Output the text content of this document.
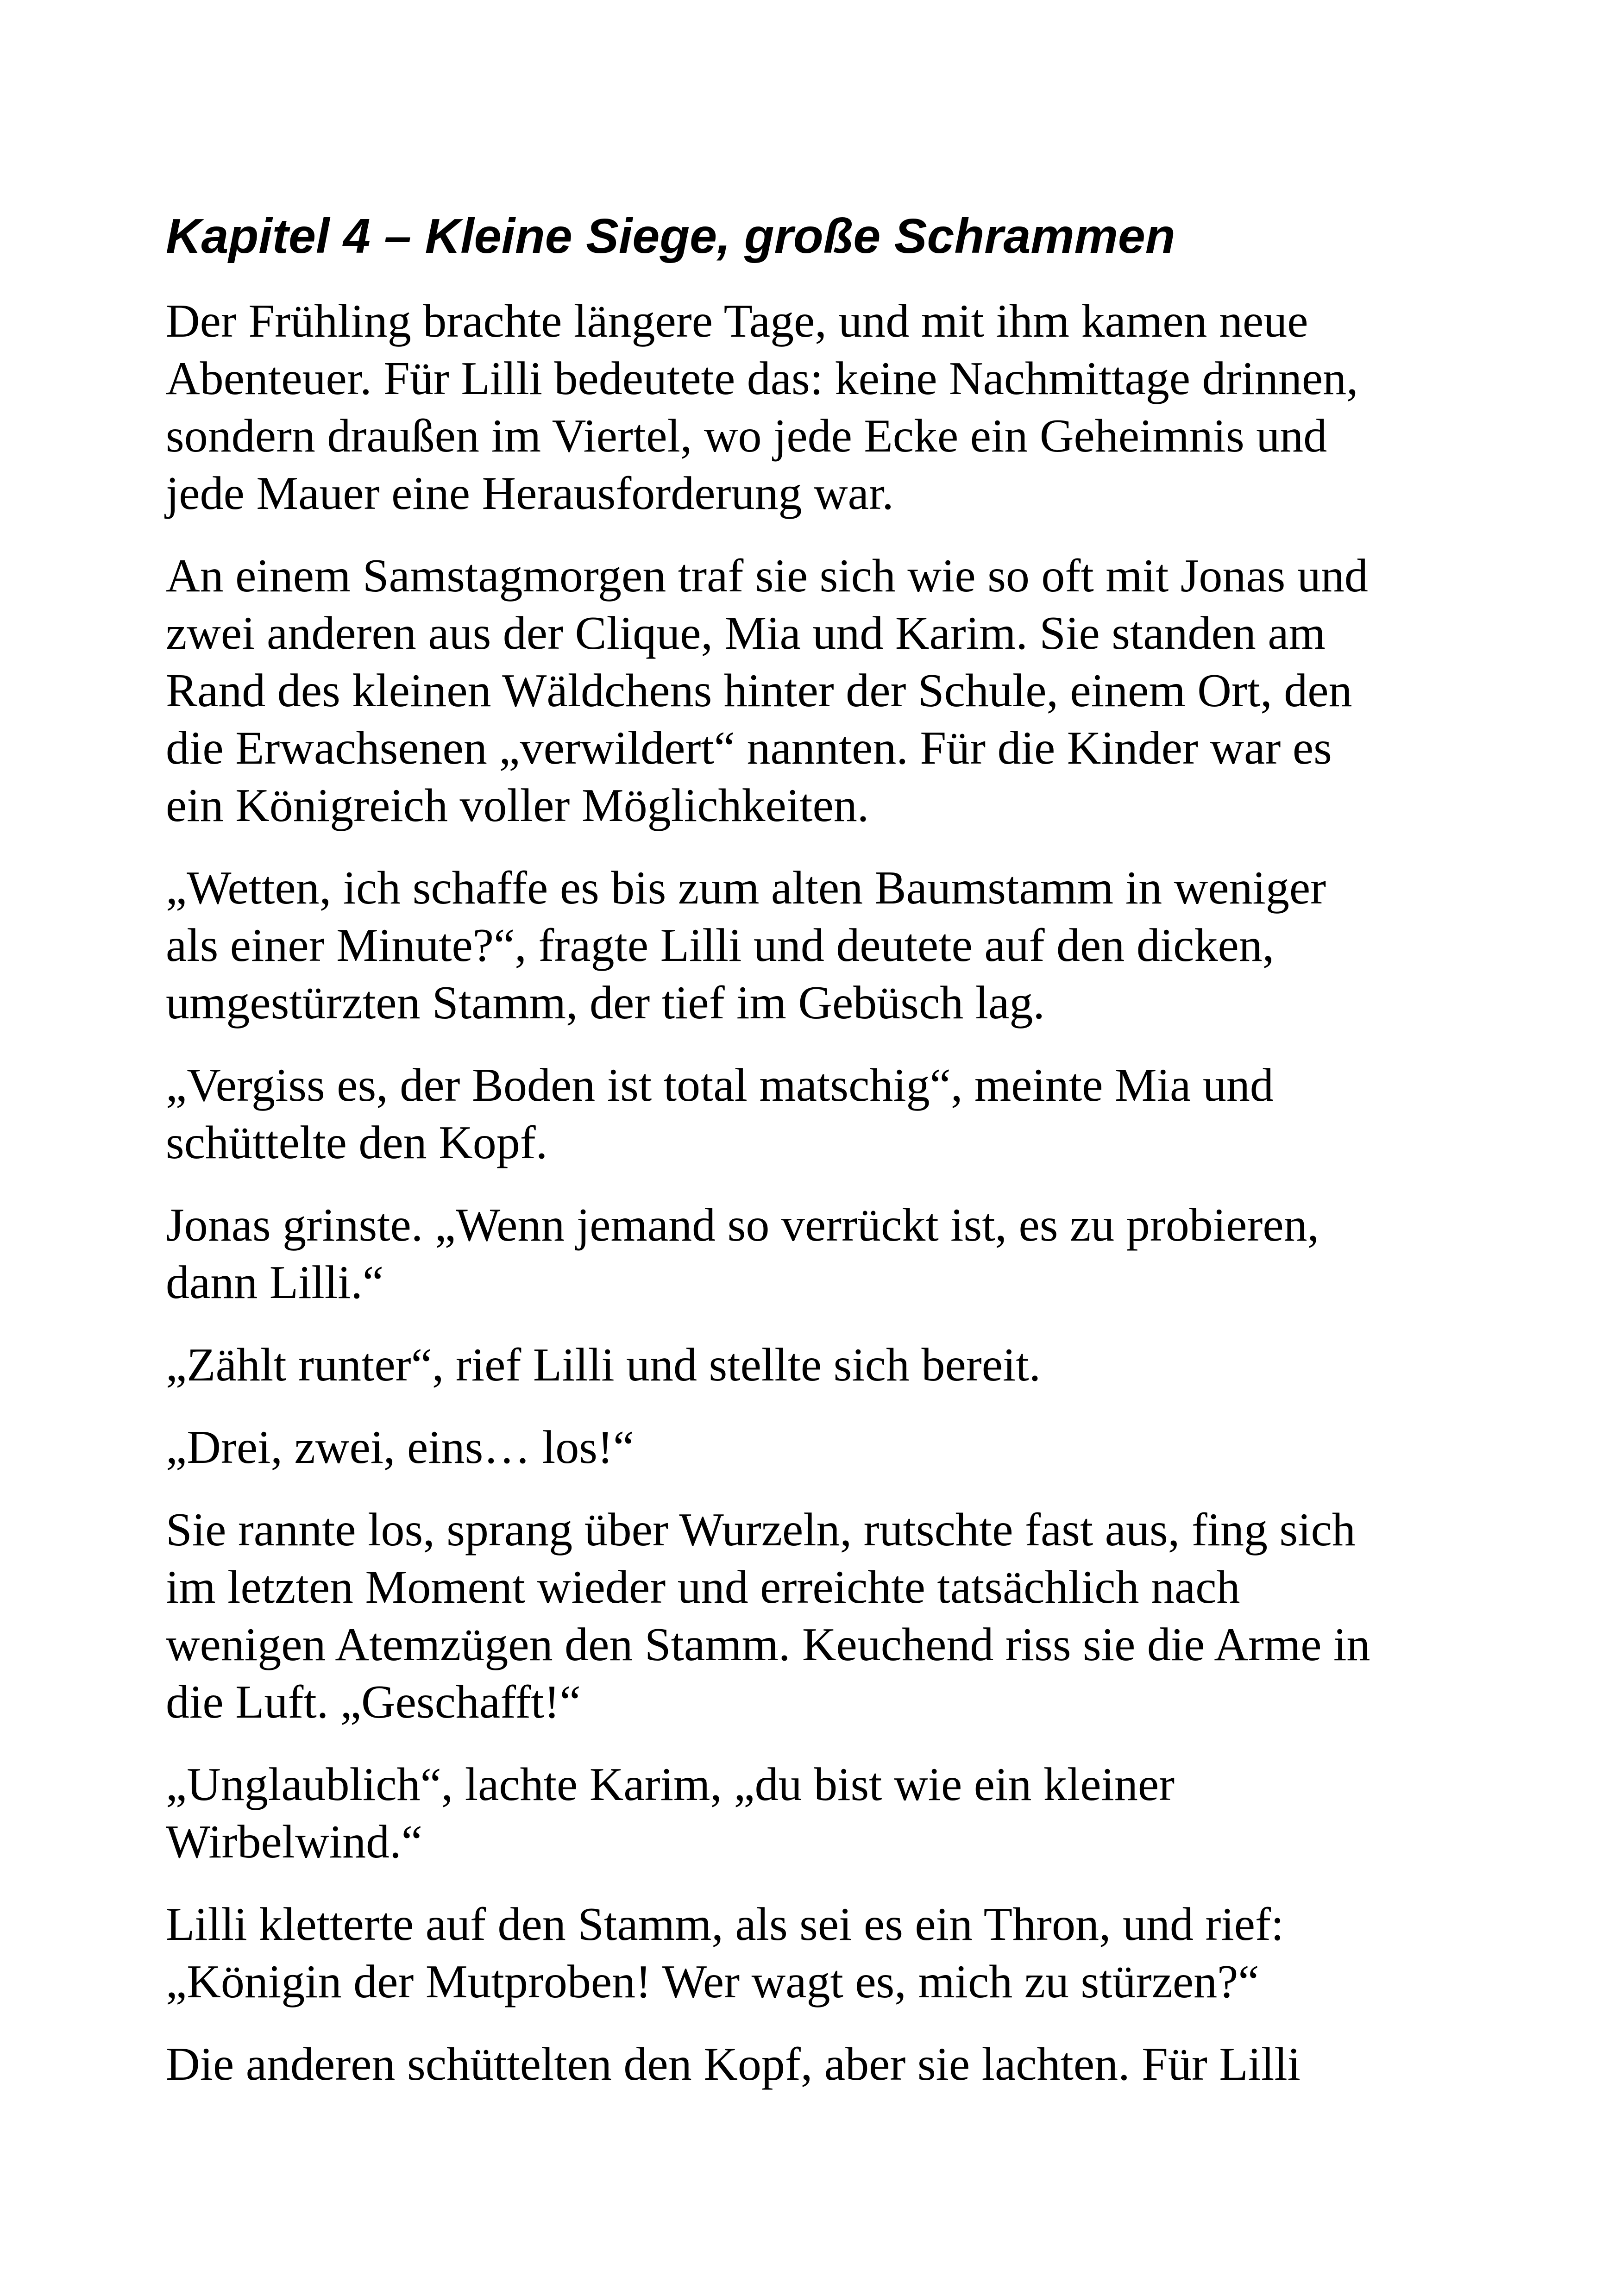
Kapitel 4 – Kleine Siege, große Schrammen

Der Frühling brachte längere Tage, und mit ihm kamen neue
Abenteuer. Für Lilli bedeutete das: keine Nachmittage drinnen,
sondern draußen im Viertel, wo jede Ecke ein Geheimnis und
jede Mauer eine Herausforderung war.

An einem Samstagmorgen traf sie sich wie so oft mit Jonas und
zwei anderen aus der Clique, Mia und Karim. Sie standen am
Rand des kleinen Wäldchens hinter der Schule, einem Ort, den
die Erwachsenen „verwildert“ nannten. Für die Kinder war es
ein Königreich voller Möglichkeiten.

„Wetten, ich schaffe es bis zum alten Baumstamm in weniger
als einer Minute?“, fragte Lilli und deutete auf den dicken,
umgestürzten Stamm, der tief im Gebüsch lag.

„Vergiss es, der Boden ist total matschig“, meinte Mia und
schüttelte den Kopf.

Jonas grinste. „Wenn jemand so verrückt ist, es zu probieren,
dann Lilli.“

„Zählt runter“, rief Lilli und stellte sich bereit.

„Drei, zwei, eins… los!“

Sie rannte los, sprang über Wurzeln, rutschte fast aus, fing sich
im letzten Moment wieder und erreichte tatsächlich nach
wenigen Atemzügen den Stamm. Keuchend riss sie die Arme in
die Luft. „Geschafft!“

„Unglaublich“, lachte Karim, „du bist wie ein kleiner
Wirbelwind.“

Lilli kletterte auf den Stamm, als sei es ein Thron, und rief:
„Königin der Mutproben! Wer wagt es, mich zu stürzen?“

Die anderen schüttelten den Kopf, aber sie lachten. Für Lilli
